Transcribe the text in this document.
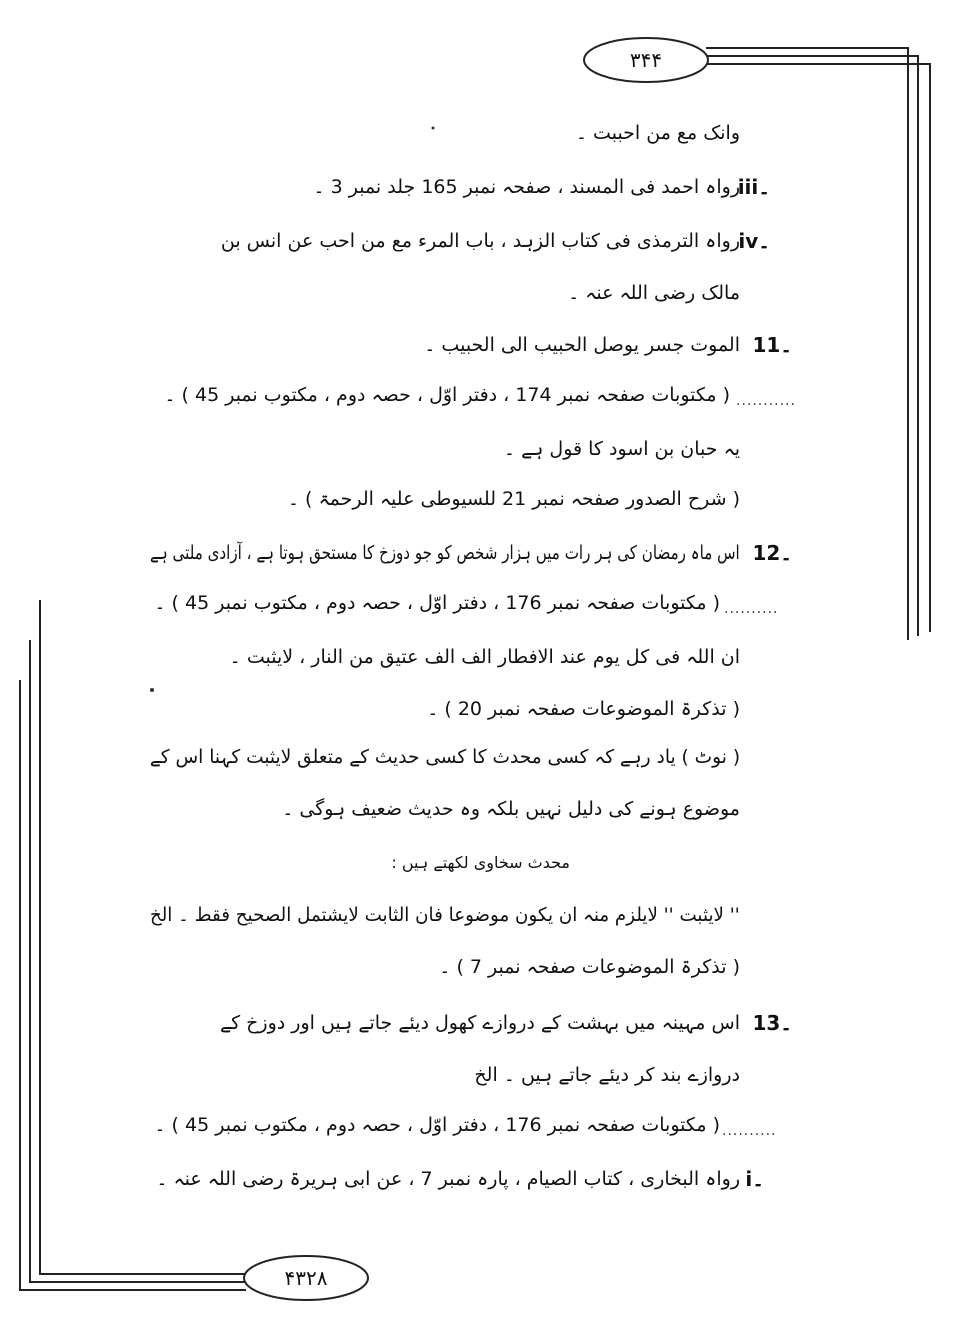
۳۴۴
۴۳۲۸
وانک مع من احببت ۔
iii۔
رواہ احمد فی المسند ، صفحہ نمبر 165 جلد نمبر 3 ۔
iv۔
رواہ الترمذی فی کتاب الزہد ، باب المرء مع من احب عن انس بن
مالک رضی اللہ عنہ ۔
11۔
الموت جسر یوصل الحبیب الی الحبیب ۔
...........
( مکتوبات صفحہ نمبر 174 ، دفتر اوّل ، حصہ دوم ، مکتوب نمبر 45 ) ۔
یہ حبان بن اسود کا قول ہے ۔
( شرح الصدور صفحہ نمبر 21 للسیوطی علیہ الرحمۃ ) ۔
12۔
اس ماہ رمضان کی ہر رات میں ہزار شخص کو جو دوزخ کا مستحق ہوتا ہے ، آزادی ملتی ہے
..........
( مکتوبات صفحہ نمبر 176 ، دفتر اوّل ، حصہ دوم ، مکتوب نمبر 45 ) ۔
ان اللہ فی کل یوم عند الافطار الف الف عتیق من النار ، لایثبت ۔
( تذکرۃ الموضوعات صفحہ نمبر 20 ) ۔
( نوٹ ) یاد رہے کہ کسی محدث کا کسی حدیث کے متعلق لایثبت کہنا اس کے
موضوع ہونے کی دلیل نہیں بلکہ وہ حدیث ضعیف ہوگی ۔
محدث سخاوی لکھتے ہیں :
'' لایثبت '' لایلزم منہ ان یکون موضوعا فان الثابت لایشتمل الصحیح فقط ۔ الخ
( تذکرۃ الموضوعات صفحہ نمبر 7 ) ۔
13۔
اس مہینہ میں بہشت کے دروازے کھول دیئے جاتے ہیں اور دوزخ کے
دروازے بند کر دیئے جاتے ہیں ۔ الخ
..........
( مکتوبات صفحہ نمبر 176 ، دفتر اوّل ، حصہ دوم ، مکتوب نمبر 45 ) ۔
i۔
رواہ البخاری ، کتاب الصیام ، پارہ نمبر 7 ، عن ابی ہریرۃ رضی اللہ عنہ ۔
